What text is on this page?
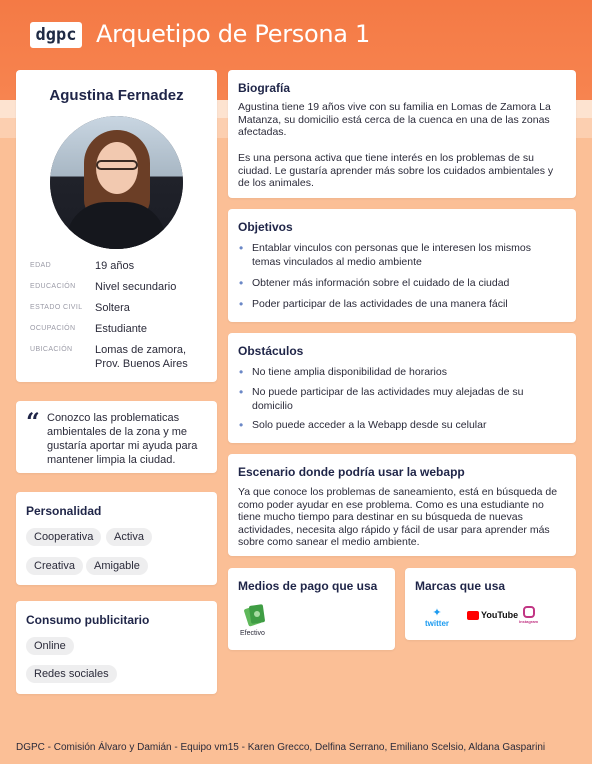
dgpc Arquetipo de Persona 1
Agustina Fernadez
EDAD	19 años
EDUCACIÓN	Nivel secundario
ESTADO CIVIL	Soltera
OCUPACIÓN	Estudiante
UBICACIÓN	Lomas de zamora,
Prov. Buenos Aires
“ Conozco las problematicas
ambientales de la zona y me
gustaría aportar mi ayuda para
mantener limpia la ciudad.
Personalidad
Cooperativa	Activa
Creativa	Amigable
Consumo publicitario
Online
Redes sociales
Biografía

Agustina tiene 19 años vive con su familia en Lomas de Zamora La
Matanza, su domicilio está cerca de la cuenca en una de las zonas
afectadas.

Es una persona activa que tiene interés en los problemas de su
ciudad. Le gustaría aprender más sobre los cuidados ambientales y
de los animales.

Objetivos
• Entablar vinculos con personas que le interesen los mismos
temas vinculados al medio ambiente
• Obtener más información sobre el cuidado de la ciudad
• Poder participar de las actividades de una manera fácil
Obstáculos
• No tiene amplia disponibilidad de horarios
• No puede participar de las actividades muy alejadas de su
domicilio
• Solo puede acceder a la Webapp desde su celular
Escenario donde podría usar la webapp

Ya que conoce los problemas de saneamiento, está en búsqueda de
como poder ayudar en ese problema. Como es una estudiante no
tiene mucho tiempo para destinar en su búsqueda de nuevas
actividades, necesita algo rápido y fácil de usar para aprender más
sobre como sanear el medio ambiente.

Medios de pago que usa
Efectivo
Marcas que usa
✦
twitter
YouTube
Instagram
DGPC - Comisión Álvaro y Damián - Equipo vm15 - Karen Grecco, Delfina Serrano, Emiliano Scelsio, Aldana Gasparini
